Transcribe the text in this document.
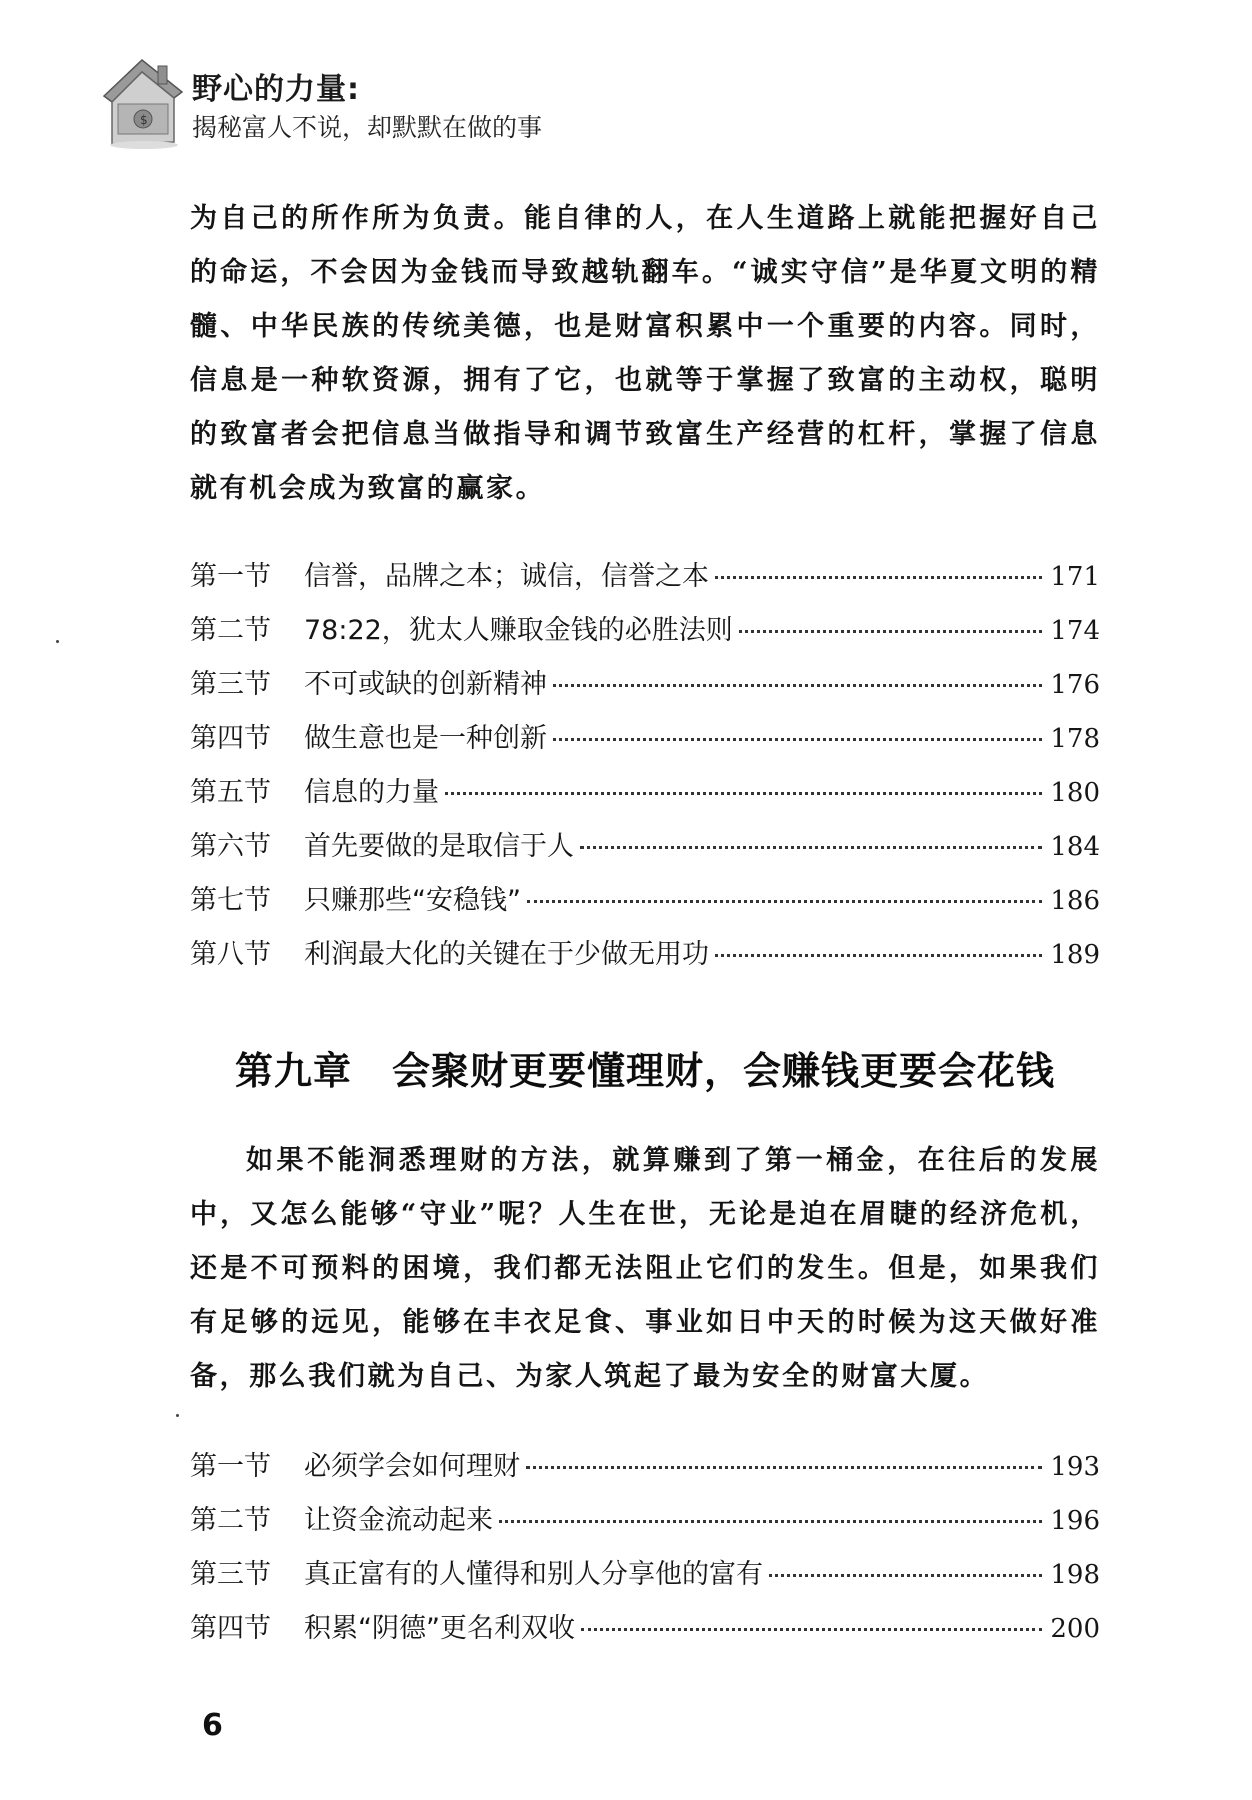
$
野心的力量:
揭秘富人不说，却默默在做的事

为自己的所作所为负责。能自律的人，在人生道路上就能把握好自己的命运，不会因为金钱而导致越轨翻车。“诚实守信”是华夏文明的精髓、中华民族的传统美德，也是财富积累中一个重要的内容。同时，信息是一种软资源，拥有了它，也就等于掌握了致富的主动权，聪明的致富者会把信息当做指导和调节致富生产经营的杠杆，掌握了信息就有机会成为致富的赢家。

第一节	信誉，品牌之本；诚信，信誉之本	171
第二节	78:22，犹太人赚取金钱的必胜法则	174
第三节	不可或缺的创新精神	176
第四节	做生意也是一种创新	178
第五节	信息的力量	180
第六节	首先要做的是取信于人	184
第七节	只赚那些“安稳钱”	186
第八节	利润最大化的关键在于少做无用功	189
第九章 会聚财更要懂理财，会赚钱更要会花钱

如果不能洞悉理财的方法，就算赚到了第一桶金，在往后的发展中，又怎么能够“守业”呢？人生在世，无论是迫在眉睫的经济危机，还是不可预料的困境，我们都无法阻止它们的发生。但是，如果我们有足够的远见，能够在丰衣足食、事业如日中天的时候为这天做好准备，那么我们就为自己、为家人筑起了最为安全的财富大厦。

第一节	必须学会如何理财	193
第二节	让资金流动起来	196
第三节	真正富有的人懂得和别人分享他的富有	198
第四节	积累“阴德”更名利双收	200
6
